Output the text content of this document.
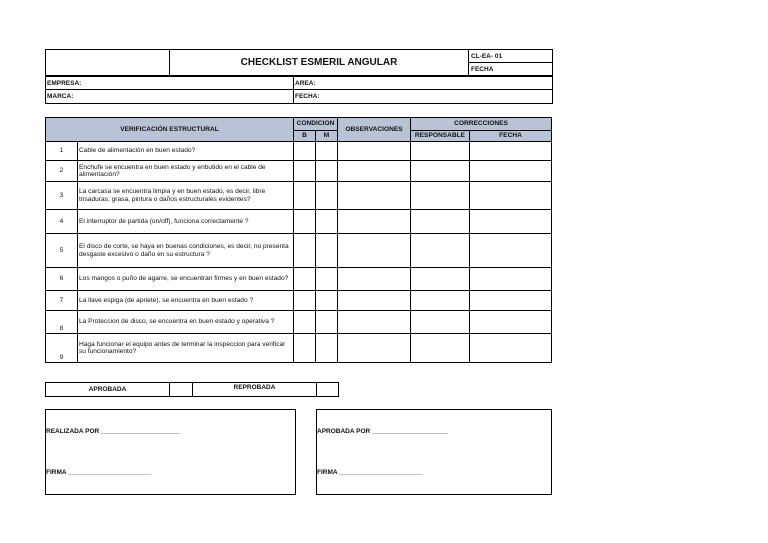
CHECKLIST ESMERIL ANGULAR
CL-EA- 01
FECHA
EMPRESA:	AREA:
MARCA:	FECHA:
VERIFICACIÓN ESTRUCTURAL		CONDICION		OBSERVACIONES	CORRECCIONES	
		B	M		RESPONSABLE	FECHA
1	Cable de alimentación en buen estado?					
2	Enchufe se encuentra en buen estado y enbutido en el cable de alimentación?					
3	La carcasa se encuentra limpia y en buen estado, es decir, libre trisaduras, grasa, pintura o daños estructurales evidentes?					
4	El interruptor de partida (on/off), funciona correctamente ?					
5	El disco de corte, se haya en buenas condiciones, es decir, no presenta desgaste excesivo o daño en su estructura ?					
6	Los mangos o puño de agarre, se encuentran firmes y en buen estado?					
7	La llave espiga (de apriete), se encuentra en buen estado ?					
8	La Proteccion de disco, se encuentra en buen estado y operativa ?					
9	Haga funcionar el equipo antes de terminar la inspeccion para verificar su funcionamiento?					
APROBADA	REPROBADA
REALIZADA POR ______________________
FIRMA _______________________
APROBADA POR _____________________
FIRMA _______________________
